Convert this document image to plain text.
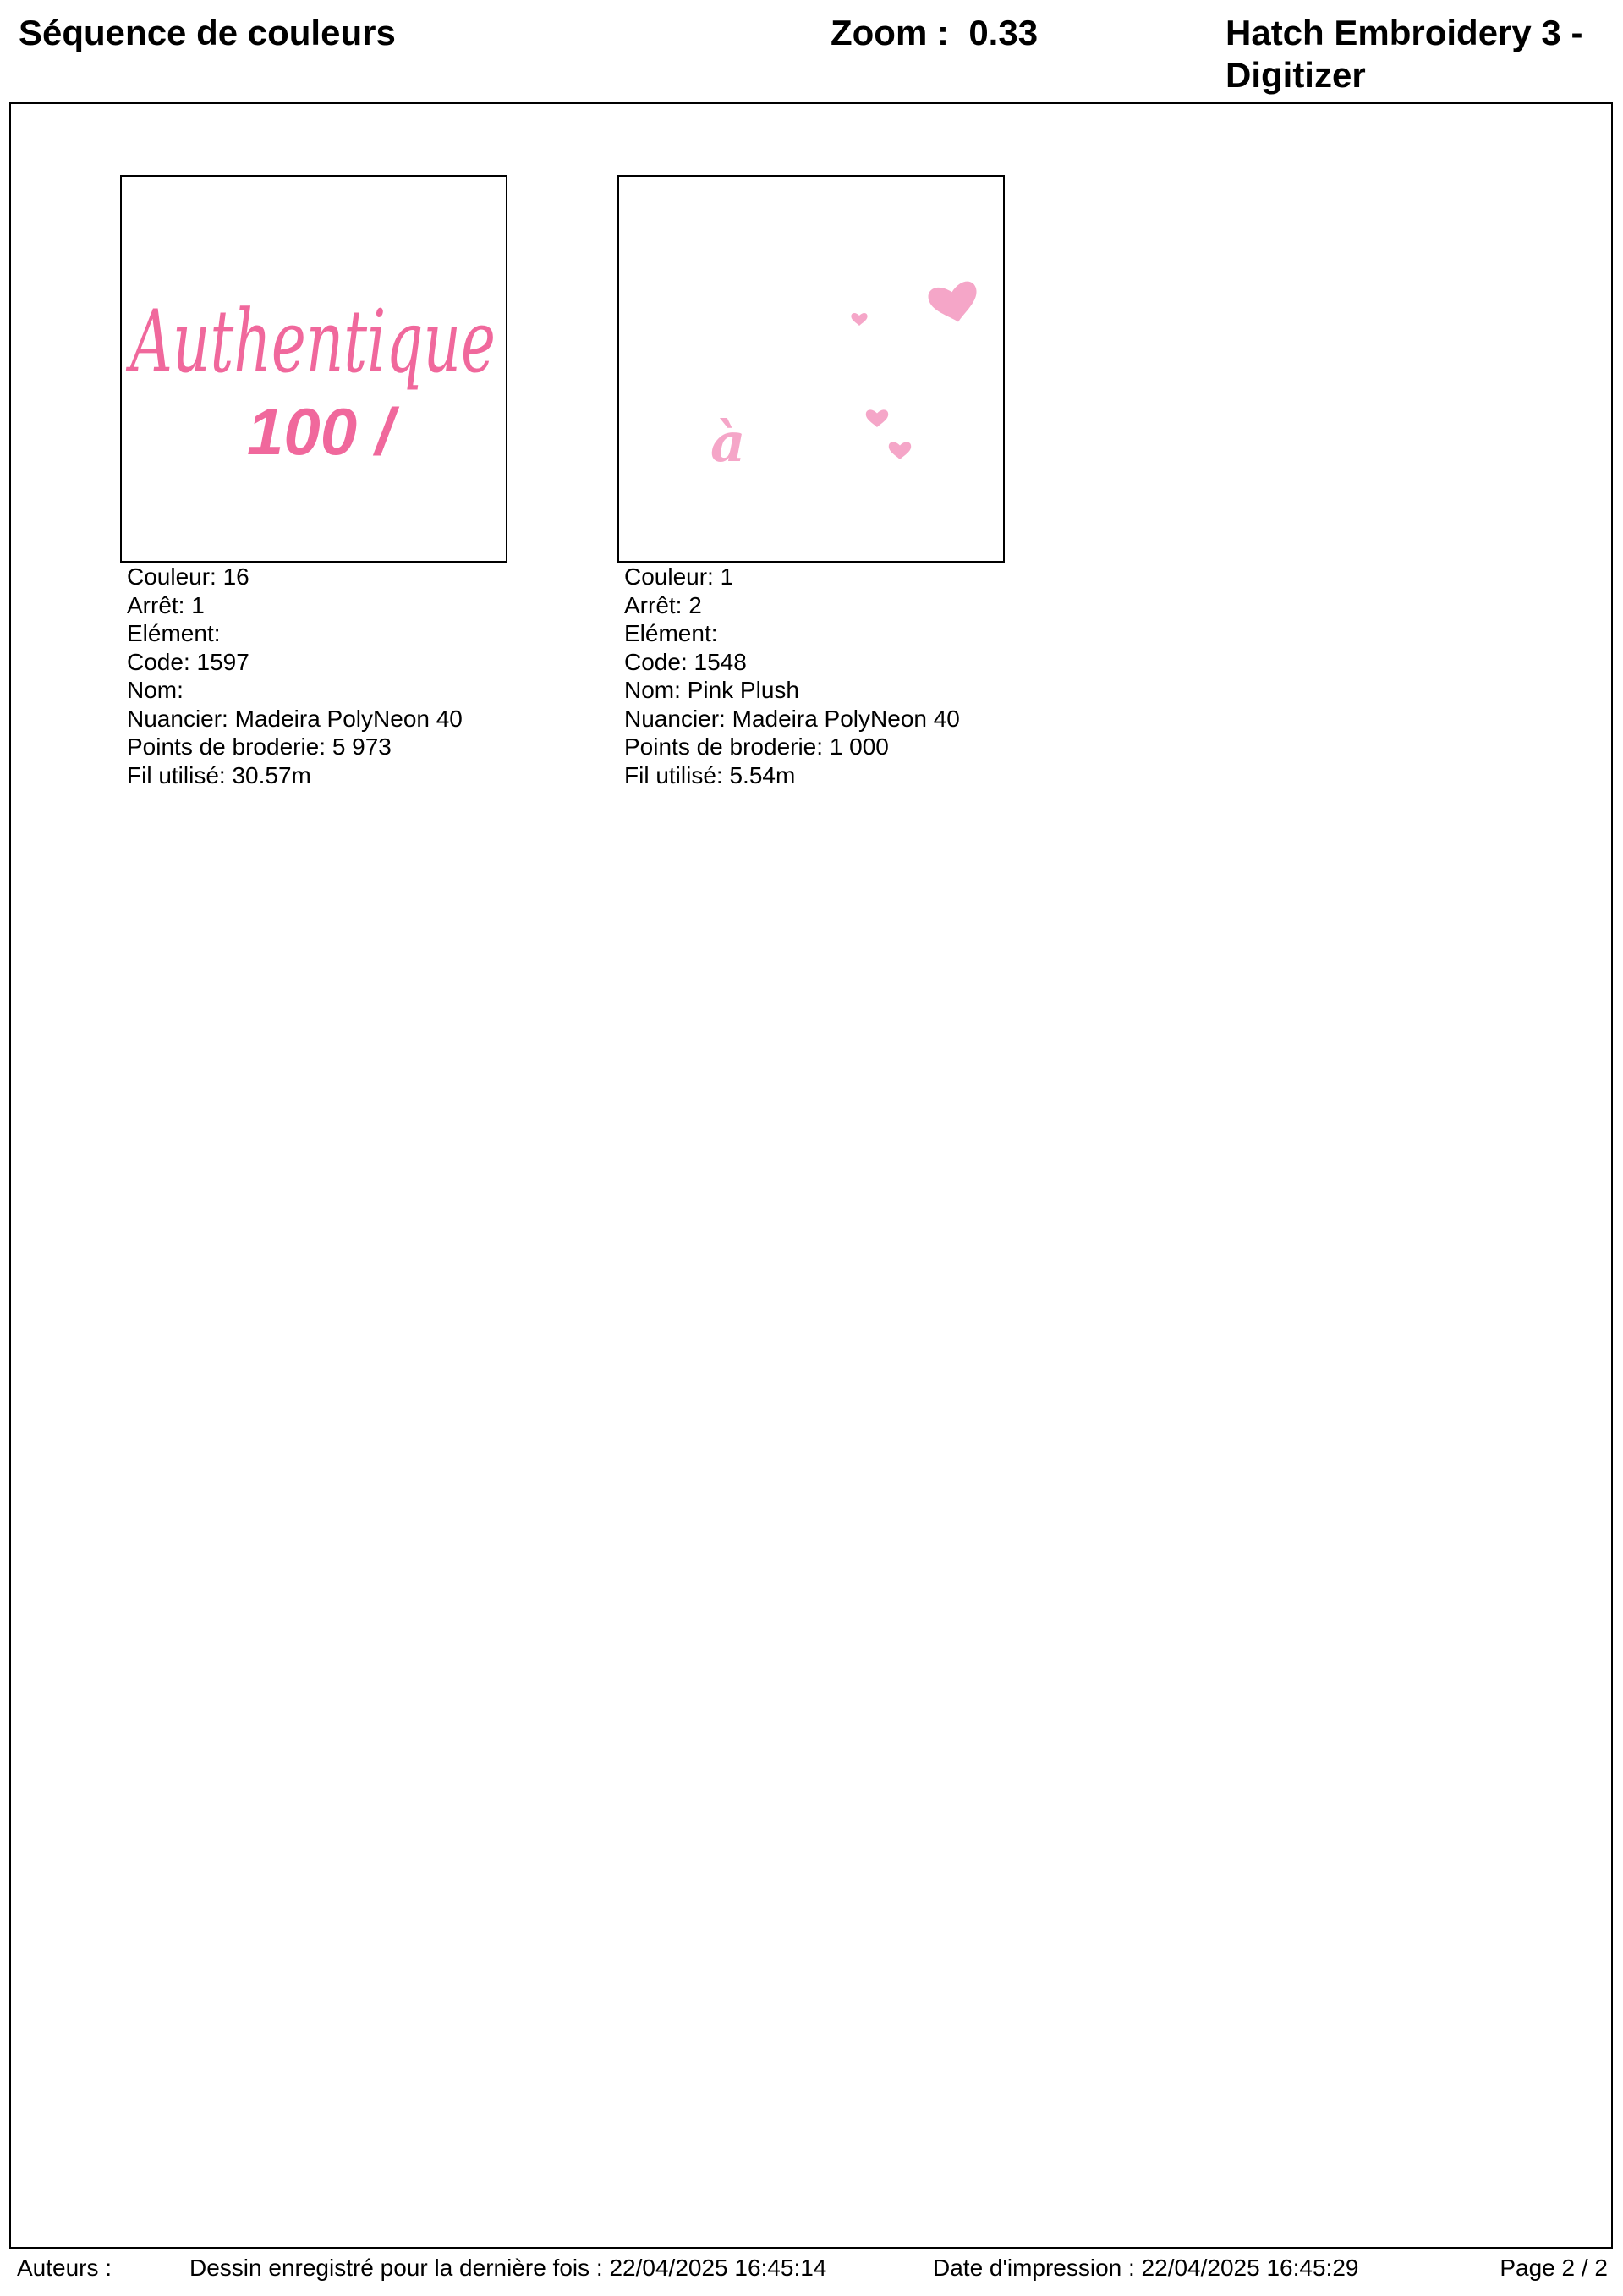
Séquence de couleurs	Zoom : 0.33	Hatch Embroidery 3 - Digitizer
Authentique
100 /
Couleur: 16
Arrêt: 1
Elément:
Code: 1597
Nom:
Nuancier: Madeira PolyNeon 40
Points de broderie: 5 973
Fil utilisé: 30.57m
à
Couleur: 1
Arrêt: 2
Elément:
Code: 1548
Nom: Pink Plush
Nuancier: Madeira PolyNeon 40
Points de broderie: 1 000
Fil utilisé: 5.54m
Auteurs :	Dessin enregistré pour la dernière fois : 22/04/2025 16:45:14	Date d'impression : 22/04/2025 16:45:29	Page 2 / 2
